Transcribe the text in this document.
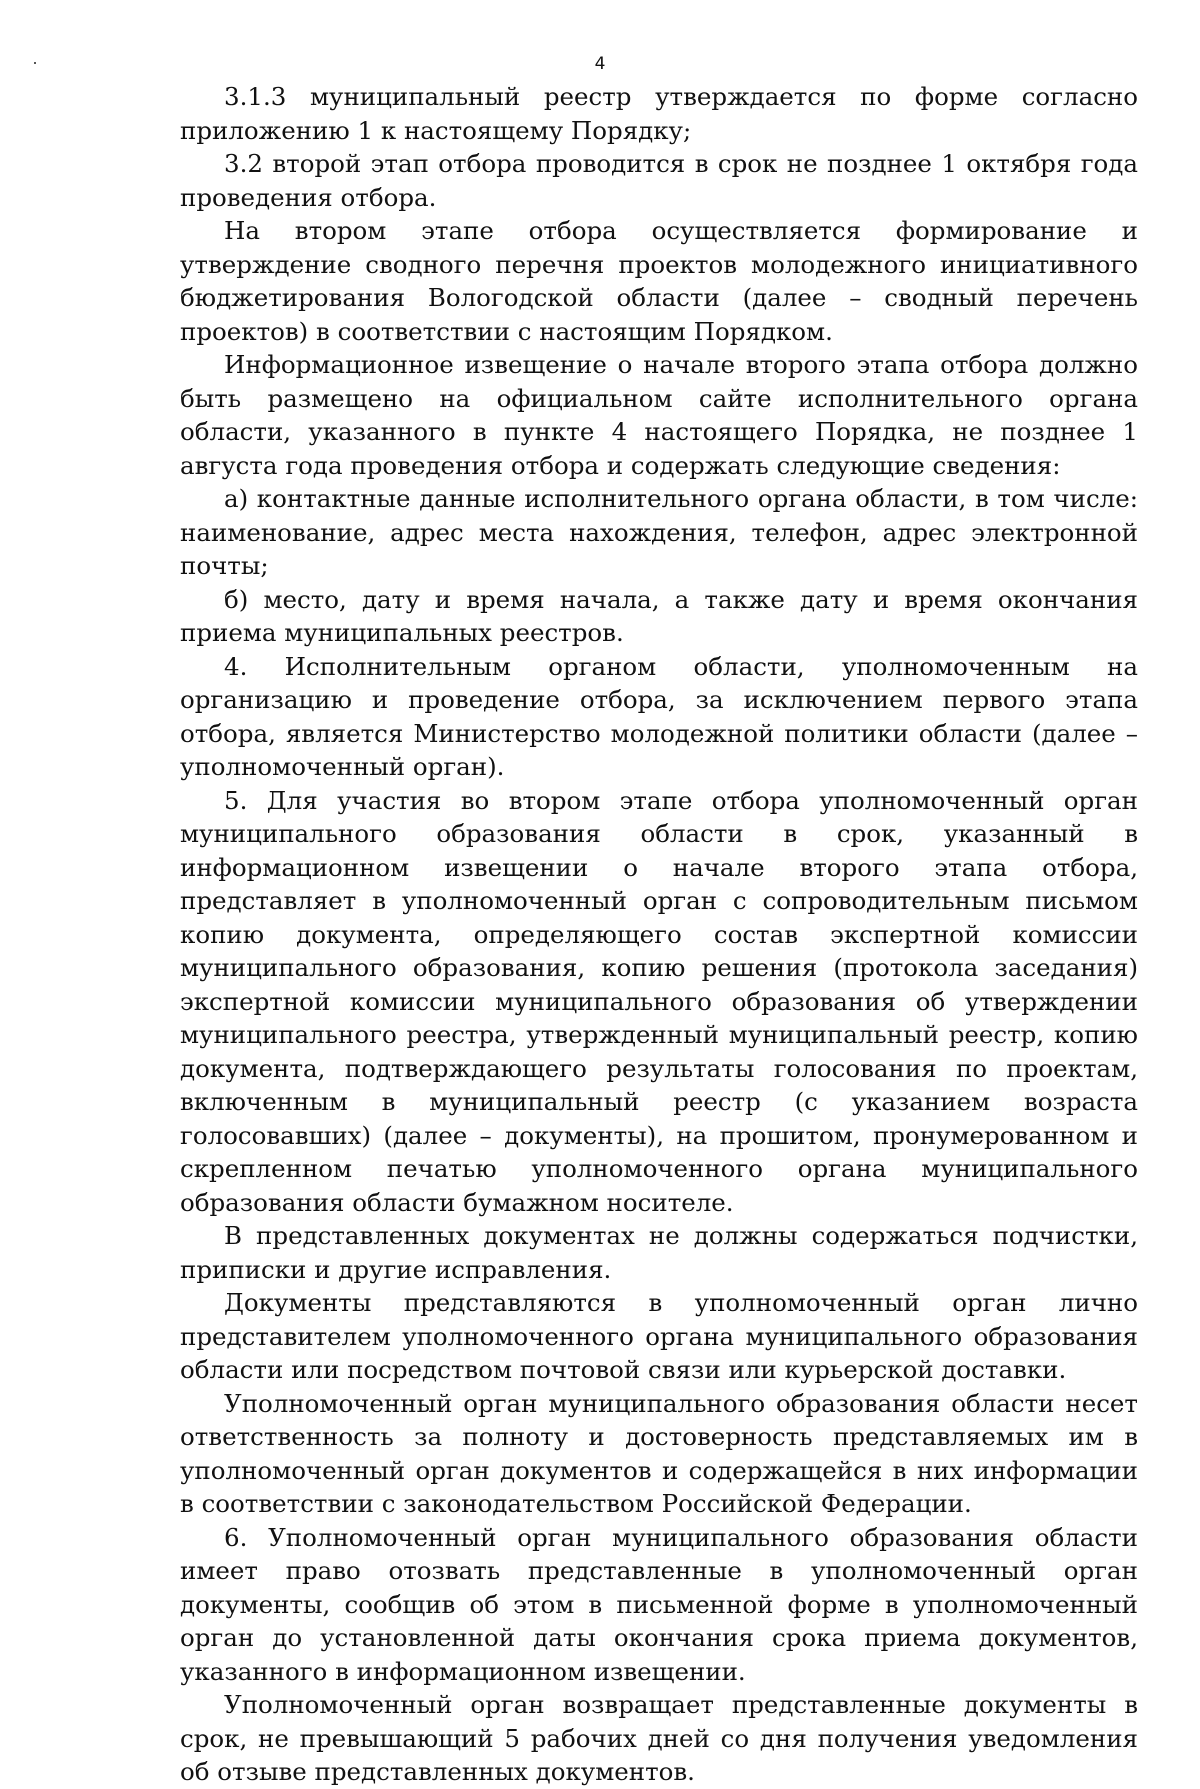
4

3.1.3 муниципальный реестр утверждается по форме согласно приложению 1 к настоящему Порядку;

3.2 второй этап отбора проводится в срок не позднее 1 октября года проведения отбора.

На втором этапе отбора осуществляется формирование и утверждение сводного перечня проектов молодежного инициативного бюджетирования Вологодской области (далее – сводный перечень проектов) в соответствии с настоящим Порядком.

Информационное извещение о начале второго этапа отбора должно быть размещено на официальном сайте исполнительного органа области, указанного в пункте 4 настоящего Порядка, не позднее 1 августа года проведения отбора и содержать следующие сведения:

а) контактные данные исполнительного органа области, в том числе: наименование, адрес места нахождения, телефон, адрес электронной почты;

б) место, дату и время начала, а также дату и время окончания приема муниципальных реестров.

4. Исполнительным органом области, уполномоченным на организацию и проведение отбора, за исключением первого этапа отбора, является Министерство молодежной политики области (далее – уполномоченный орган).

5. Для участия во втором этапе отбора уполномоченный орган муниципального образования области в срок, указанный в информационном извещении о начале второго этапа отбора, представляет в уполномоченный орган с сопроводительным письмом копию документа, определяющего состав экспертной комиссии муниципального образования, копию решения (протокола заседания) экспертной комиссии муниципального образования об утверждении муниципального реестра, утвержденный муниципальный реестр, копию документа, подтверждающего результаты голосования по проектам, включенным в муниципальный реестр (с указанием возраста голосовавших) (далее – документы), на прошитом, пронумерованном и скрепленном печатью уполномоченного органа муниципального образования области бумажном носителе.

В представленных документах не должны содержаться подчистки, приписки и другие исправления.

Документы представляются в уполномоченный орган лично представителем уполномоченного органа муниципального образования области или посредством почтовой связи или курьерской доставки.

Уполномоченный орган муниципального образования области несет ответственность за полноту и достоверность представляемых им в уполномоченный орган документов и содержащейся в них информации в соответствии с законодательством Российской Федерации.

6. Уполномоченный орган муниципального образования области имеет право отозвать представленные в уполномоченный орган документы, сообщив об этом в письменной форме в уполномоченный орган до установленной даты окончания срока приема документов, указанного в информационном извещении.

Уполномоченный орган возвращает представленные документы в срок, не превышающий 5 рабочих дней со дня получения уведомления об отзыве представленных документов.
